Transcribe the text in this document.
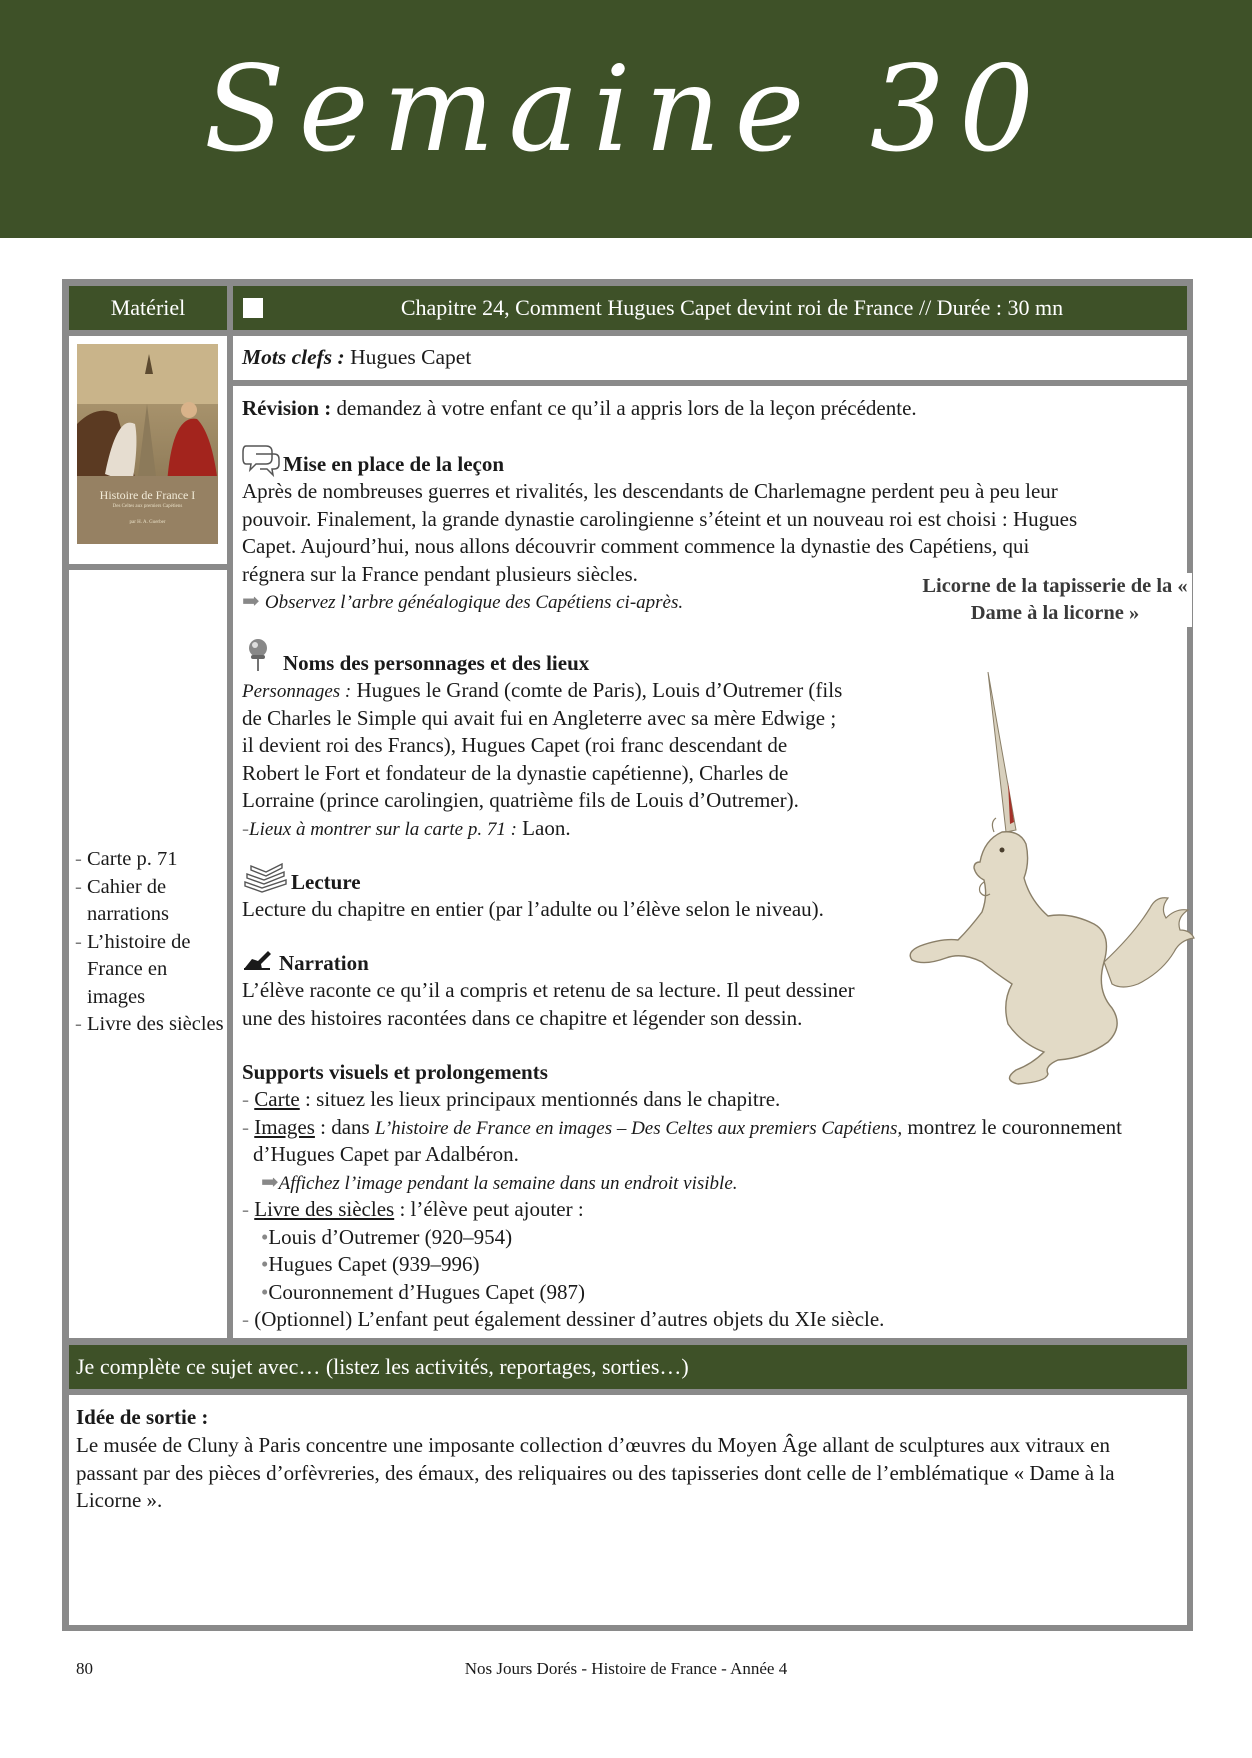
Semaine 30
Matériel	Chapitre 24, Comment Hugues Capet devint roi de France // Durée : 30 mn
Histoire de France I
Des Celtes aux premiers Capétiens
par H. A. Guerber
- Carte p. 71
- Cahier de narrations
- L’histoire de France en images
- Livre des siècles
Mots clefs : Hugues Capet
Révision : demandez à votre enfant ce qu’il a appris lors de la leçon précédente.
Mise en place de la leçon
Après de nombreuses guerres et rivalités, les descendants de Charlemagne perdent peu à peu leur
pouvoir. Finalement, la grande dynastie carolingienne s’éteint et un nouveau roi est choisi : Hugues
Capet. Aujourd’hui, nous allons découvrir comment commence la dynastie des Capétiens, qui
régnera sur la France pendant plusieurs siècles.
➡ Observez l’arbre généalogique des Capétiens ci-après.
Noms des personnages et des lieux
Personnages : Hugues le Grand (comte de Paris), Louis d’Outremer (fils
de Charles le Simple qui avait fui en Angleterre avec sa mère Edwige ;
il devient roi des Francs), Hugues Capet (roi franc descendant de
Robert le Fort et fondateur de la dynastie capétienne), Charles de
Lorraine (prince carolingien, quatrième fils de Louis d’Outremer).
-Lieux à montrer sur la carte p. 71 : Laon.
Lecture
Lecture du chapitre en entier (par l’adulte ou l’élève selon le niveau).
Narration
L’élève raconte ce qu’il a compris et retenu de sa lecture. Il peut dessiner
une des histoires racontées dans ce chapitre et légender son dessin.
Supports visuels et prolongements
- Carte : situez les lieux principaux mentionnés dans le chapitre.
- Images : dans L’histoire de France en images – Des Celtes aux premiers Capétiens, montrez le couronnement
d’Hugues Capet par Adalbéron.
➡Affichez l’image pendant la semaine dans un endroit visible.
- Livre des siècles : l’élève peut ajouter :
•Louis d’Outremer (920–954)
•Hugues Capet (939–996)
•Couronnement d’Hugues Capet (987)
- (Optionnel) L’enfant peut également dessiner d’autres objets du XIe siècle.
Licorne de la tapisserie de la « Dame à la licorne »
Je complète ce sujet avec… (listez les activités, reportages, sorties…)
Idée de sortie :
Le musée de Cluny à Paris concentre une imposante collection d’œuvres du Moyen Âge allant de sculptures aux vitraux en passant par des pièces d’orfèvreries, des émaux, des reliquaires ou des tapisseries dont celle de l’emblématique « Dame à la Licorne ».
80	Nos Jours Dorés - Histoire de France - Année 4
